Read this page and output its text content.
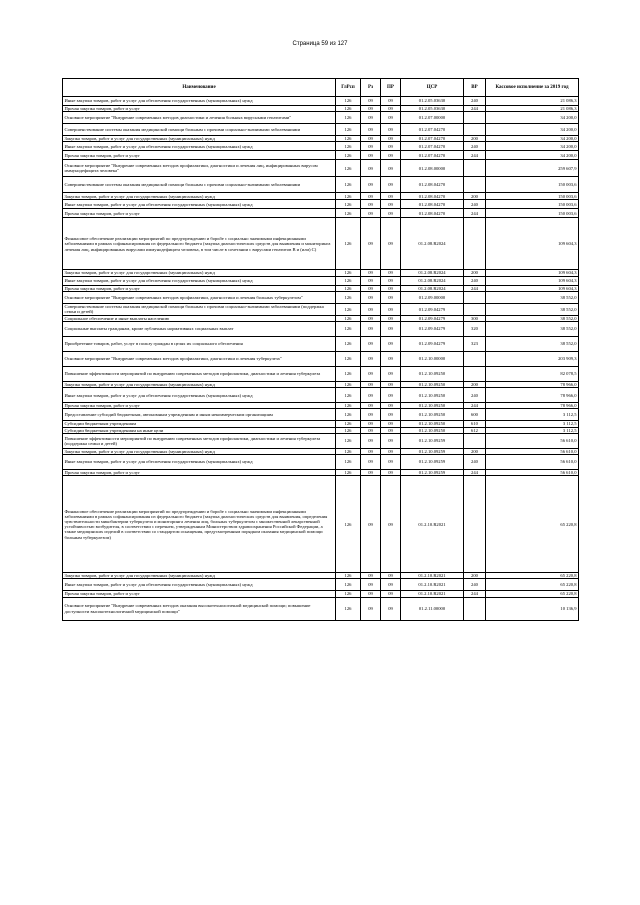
Страница 59 из 127
Наименование	ГлРсп	Рз	ПР	ЦСР	ВР	Кассовое исполнение за 2019 год
Иные закупки товаров, работ и услуг для обеспечения государственных (муниципальных) нужд	126	09	09	01.2.05.03630	240	21 086,3
Прочая закупка товаров, работ и услуг	126	09	09	01.2.05.03630	244	21 086,3
Основное мероприятие "Внедрение современных методов диагностики и лечения больных вирусными гепатитами"	126	09	09	01.2.07.00000		34 200,0
Совершенствование системы оказания медицинской помощи больным с прочими социально-значимыми заболеваниями	126	09	09	01.2.07.04270		34 200,0
Закупка товаров, работ и услуг для государственных (муниципальных) нужд	126	09	09	01.2.07.04270	200	34 200,0
Иные закупки товаров, работ и услуг для обеспечения государственных (муниципальных) нужд	126	09	09	01.2.07.04270	240	34 200,0
Прочая закупка товаров, работ и услуг	126	09	09	01.2.07.04270	244	34 200,0
Основное мероприятие "Внедрение современных методов профилактики, диагностики и лечения лиц, инфицированных вирусом иммунодефицита человека"	126	09	09	01.2.08.00000		259 607,9
Совершенствование системы оказания медицинской помощи больным с прочими социально-значимыми заболеваниями	126	09	09	01.2.08.04270		150 003,6
Закупка товаров, работ и услуг для государственных (муниципальных) нужд	126	09	09	01.2.08.04270	200	150 003,6
Иные закупки товаров, работ и услуг для обеспечения государственных (муниципальных) нужд	126	09	09	01.2.08.04270	240	150 003,6
Прочая закупка товаров, работ и услуг	126	09	09	01.2.08.04270	244	150 003,6
Финансовое обеспечение реализации мероприятий по предупреждению и борьбе с социально значимыми инфекционными заболеваниями в рамках софинансирования из федерального бюджета (закупка диагностических средств для выявления и мониторинга лечения лиц, инфицированных вирусами иммунодефицита человека, в том числе в сочетании с вирусами гепатитов B и (или) C)	126	09	09	01.2.08.R2024		109 604,3
Закупка товаров, работ и услуг для государственных (муниципальных) нужд	126	09	09	01.2.08.R2024	200	109 604,3
Иные закупки товаров, работ и услуг для обеспечения государственных (муниципальных) нужд	126	09	09	01.2.08.R2024	240	109 604,3
Прочая закупка товаров, работ и услуг	126	09	09	01.2.08.R2024	244	109 604,3
Основное мероприятие "Внедрение современных методов профилактики, диагностики и лечения больных туберкулезом"	126	09	09	01.2.09.00000		38 552,0
Совершенствование системы оказания медицинской помощи больным с прочими социально-значимыми заболеваниями (поддержка семьи и детей)	126	09	09	01.2.09.04279		38 552,0
Социальное обеспечение и иные выплаты населению	126	09	09	01.2.09.04279	300	38 552,0
Социальные выплаты гражданам, кроме публичных нормативных социальных выплат	126	09	09	01.2.09.04279	320	38 552,0
Приобретение товаров, работ, услуг в пользу граждан в целях их социального обеспечения	126	09	09	01.2.09.04279	323	38 552,0
Основное мероприятие "Внедрение современных методов профилактики, диагностики и лечения туберкулеза"	126	09	09	01.2.10.00000		203 909,3
Повышение эффективности мероприятий по внедрению современных методов профилактики, диагностики и лечения туберкулеза	126	09	09	01.2.10.09250		82 078,5
Закупка товаров, работ и услуг для государственных (муниципальных) нужд	126	09	09	01.2.10.09250	200	78 966,0
Иные закупки товаров, работ и услуг для обеспечения государственных (муниципальных) нужд	126	09	09	01.2.10.09250	240	78 966,0
Прочая закупка товаров, работ и услуг	126	09	09	01.2.10.09250	244	78 966,0
Предоставление субсидий бюджетным, автономным учреждениям и иным некоммерческим организациям	126	09	09	01.2.10.09250	600	3 112,5
Субсидии бюджетным учреждениям	126	09	09	01.2.10.09250	610	3 112,5
Субсидии бюджетным учреждениям на иные цели	126	09	09	01.2.10.09250	612	3 112,5
Повышение эффективности мероприятий по внедрению современных методов профилактики, диагностики и лечения туберкулеза (поддержка семьи и детей)	126	09	09	01.2.10.09259		56 610,0
Закупка товаров, работ и услуг для государственных (муниципальных) нужд	126	09	09	01.2.10.09259	200	56 610,0
Иные закупки товаров, работ и услуг для обеспечения государственных (муниципальных) нужд	126	09	09	01.2.10.09259	240	56 610,0
Прочая закупка товаров, работ и услуг	126	09	09	01.2.10.09259	244	56 610,0
Финансовое обеспечение реализации мероприятий по предупреждению и борьбе с социально значимыми инфекционными заболеваниями в рамках софинансирования из федерального бюджета (закупка диагностических средств для выявления, определения чувствительности микобактерии туберкулеза и мониторинга лечения лиц, больных туберкулезом с множественной лекарственной устойчивостью возбудителя, в соответствии с перечнем, утвержденным Министерством здравоохранения Российской Федерации, а также медицинских изделий в соответствии со стандартом оснащения, предусмотренным порядком оказания медицинской помощи больным туберкулезом)	126	09	09	01.2.10.R2021		65 220,8
Закупка товаров, работ и услуг для государственных (муниципальных) нужд	126	09	09	01.2.10.R2021	200	65 220,8
Иные закупки товаров, работ и услуг для обеспечения государственных (муниципальных) нужд	126	09	09	01.2.10.R2021	240	65 220,8
Прочая закупка товаров, работ и услуг	126	09	09	01.2.10.R2021	244	65 220,8
Основное мероприятие "Внедрение современных методов оказания высокотехнологичной медицинской помощи; повышение доступности высокотехнологичной медицинской помощи"	126	09	09	01.2.11.00000		10 136,9
